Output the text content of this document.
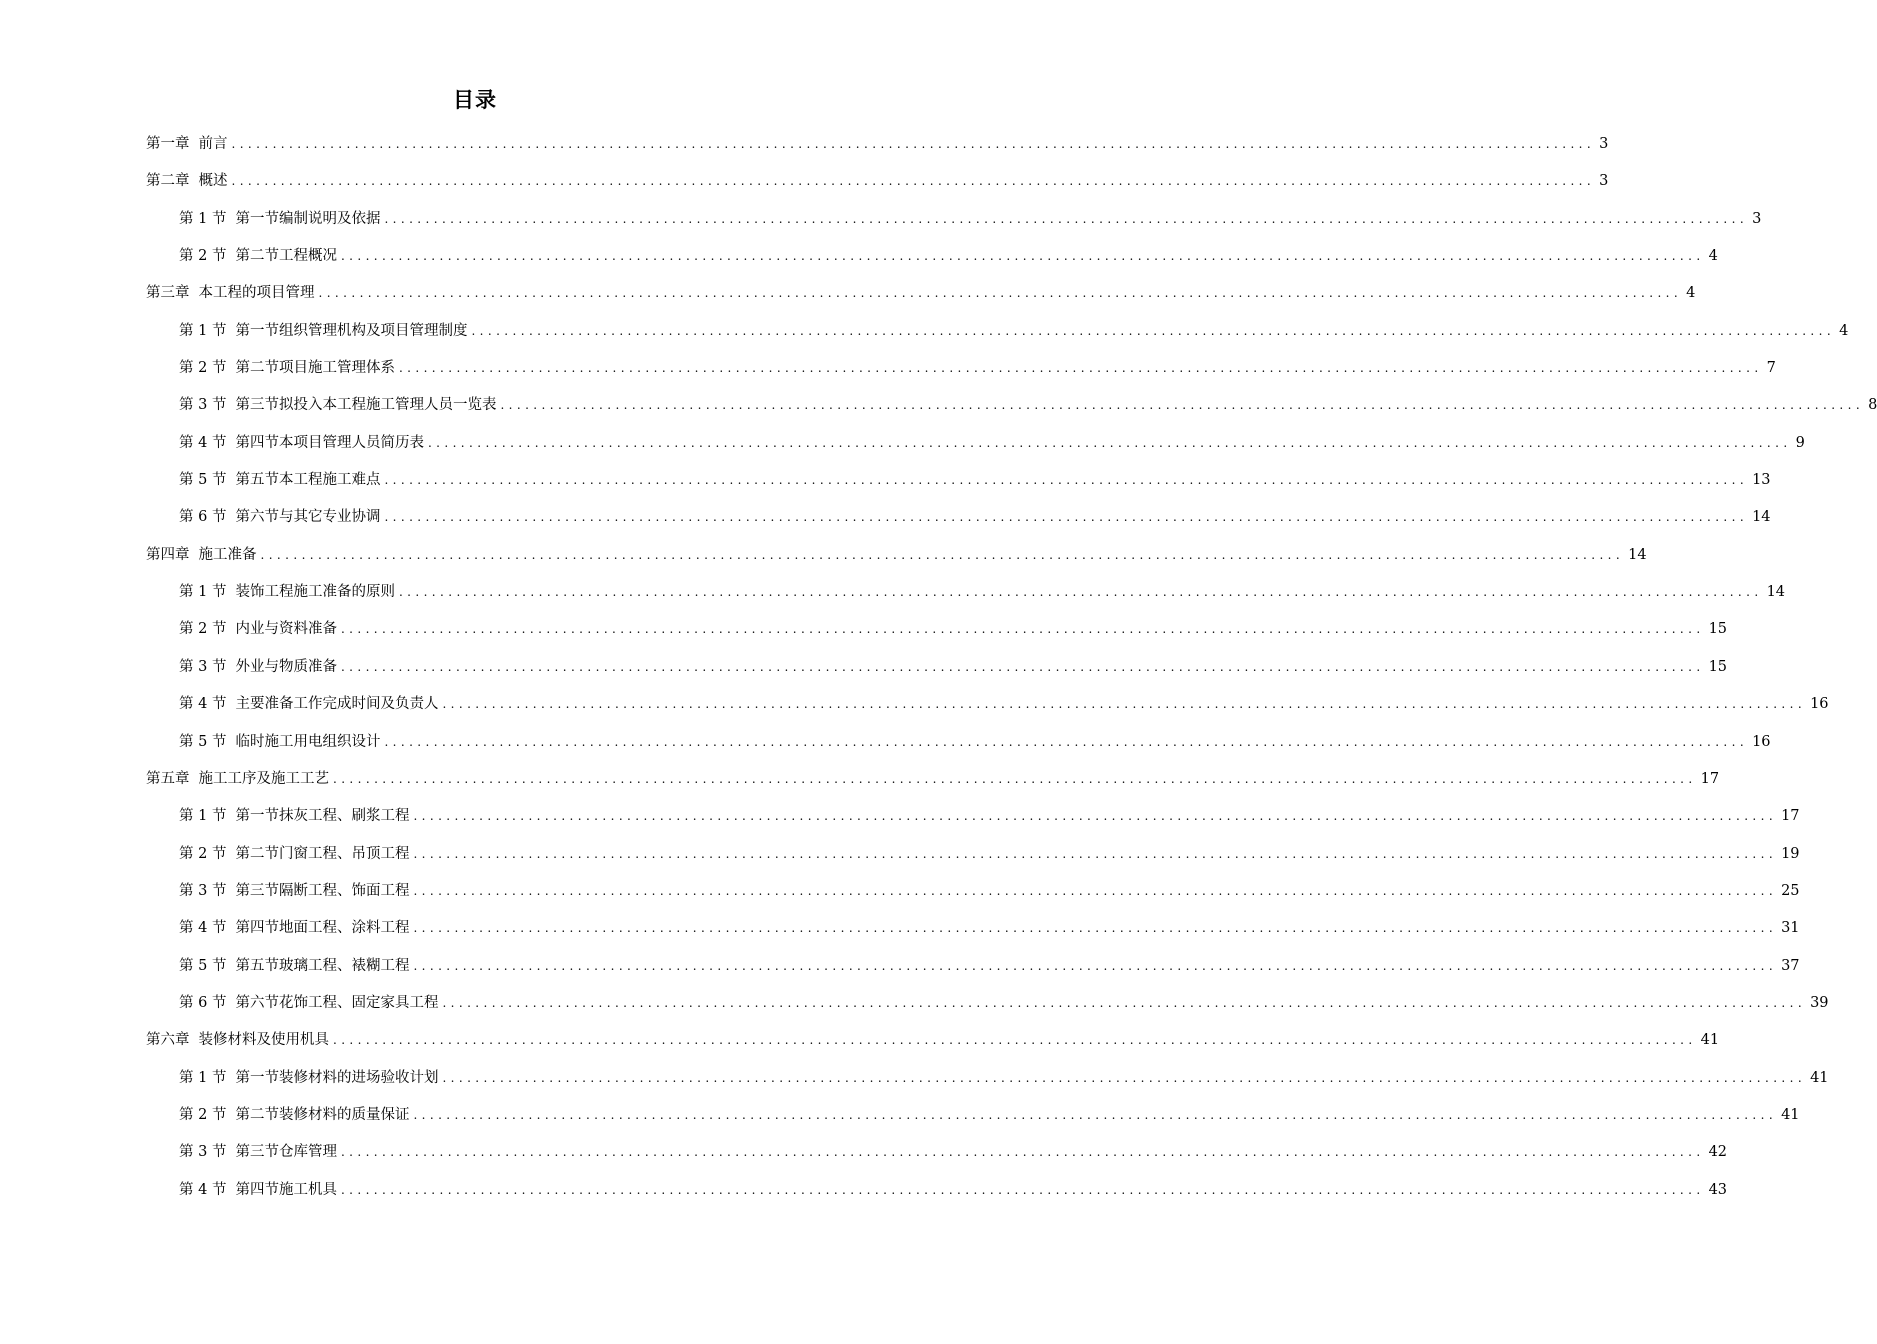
目录
第一章 前言 ...................................................................................................................................................................... 3
第二章 概述 ...................................................................................................................................................................... 3
第 1 节 第一节编制说明及依据 ...................................................................................................................................................................... 3
第 2 节 第二节工程概况 ...................................................................................................................................................................... 4
第三章 本工程的项目管理 ...................................................................................................................................................................... 4
第 1 节 第一节组织管理机构及项目管理制度 ...................................................................................................................................................................... 4
第 2 节 第二节项目施工管理体系 ...................................................................................................................................................................... 7
第 3 节 第三节拟投入本工程施工管理人员一览表 ...................................................................................................................................................................... 8
第 4 节 第四节本项目管理人员简历表 ...................................................................................................................................................................... 9
第 5 节 第五节本工程施工难点 ...................................................................................................................................................................... 13
第 6 节 第六节与其它专业协调 ...................................................................................................................................................................... 14
第四章 施工准备 ...................................................................................................................................................................... 14
第 1 节 装饰工程施工准备的原则 ...................................................................................................................................................................... 14
第 2 节 内业与资料准备 ...................................................................................................................................................................... 15
第 3 节 外业与物质准备 ...................................................................................................................................................................... 15
第 4 节 主要准备工作完成时间及负责人 ...................................................................................................................................................................... 16
第 5 节 临时施工用电组织设计 ...................................................................................................................................................................... 16
第五章 施工工序及施工工艺 ...................................................................................................................................................................... 17
第 1 节 第一节抹灰工程、刷浆工程 ...................................................................................................................................................................... 17
第 2 节 第二节门窗工程、吊顶工程 ...................................................................................................................................................................... 19
第 3 节 第三节隔断工程、饰面工程 ...................................................................................................................................................................... 25
第 4 节 第四节地面工程、涂料工程 ...................................................................................................................................................................... 31
第 5 节 第五节玻璃工程、裱糊工程 ...................................................................................................................................................................... 37
第 6 节 第六节花饰工程、固定家具工程 ...................................................................................................................................................................... 39
第六章 装修材料及使用机具 ...................................................................................................................................................................... 41
第 1 节 第一节装修材料的进场验收计划 ...................................................................................................................................................................... 41
第 2 节 第二节装修材料的质量保证 ...................................................................................................................................................................... 41
第 3 节 第三节仓库管理 ...................................................................................................................................................................... 42
第 4 节 第四节施工机具 ...................................................................................................................................................................... 43
